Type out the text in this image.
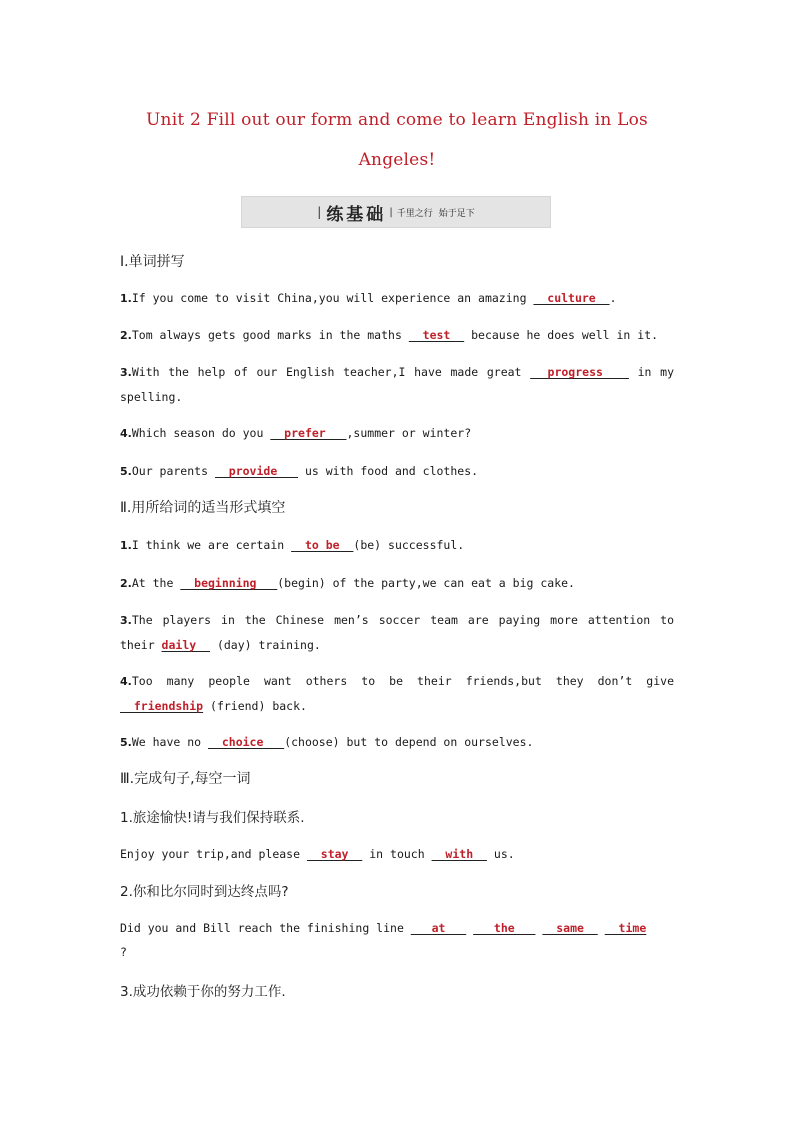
Unit 2 Fill out our form and come to learn English in Los
Angeles!
| 练基础 | 千里之行 始于足下
Ⅰ.单词拼写
1.If you come to visit China,you will experience an amazing   culture  .
2.Tom always gets good marks in the maths   test   because he does well in it.
3.With the help of our English teacher,I have made great   progress    in my spelling.
4.Which season do you   prefer   ,summer or winter?
5.Our parents   provide    us with food and clothes.
Ⅱ.用所给词的适当形式填空
1.I think we are certain   to be  (be) successful.
2.At the   beginning   (begin) of the party,we can eat a big cake.
3.The players in the Chinese men’s soccer team are paying more attention to their daily   (day) training.
4.Too many people want others to be their friends,but they don’t give   friendship (friend) back.
5.We have no   choice   (choose) but to depend on ourselves.
Ⅲ.完成句子,每空一词
1.旅途愉快!请与我们保持联系.
Enjoy your trip,and please   stay   in touch   with   us.
2.你和比尔同时到达终点吗?
Did you and Bill reach the finishing line    at       the      same     time
?
3.成功依赖于你的努力工作.
